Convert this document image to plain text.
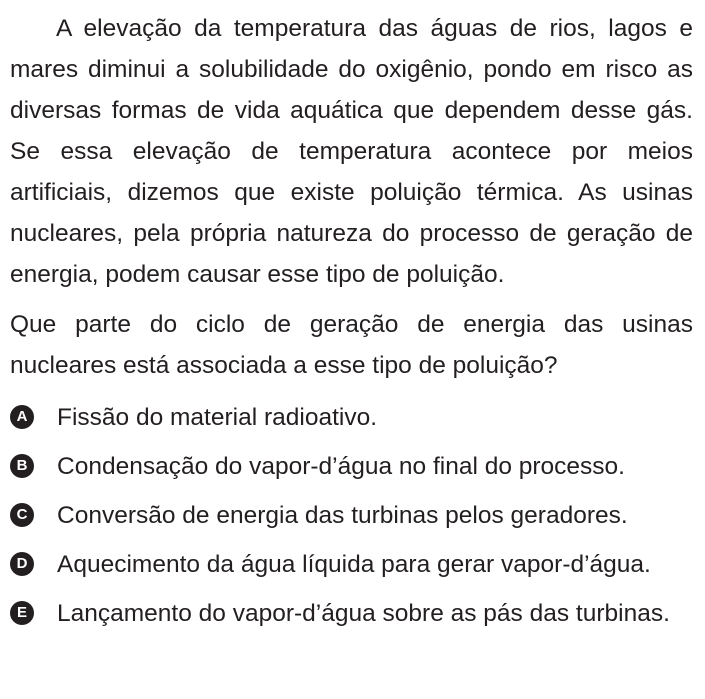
A elevação da temperatura das águas de rios, lagos e mares diminui a solubilidade do oxigênio, pondo em risco as diversas formas de vida aquática que dependem desse gás. Se essa elevação de temperatura acontece por meios artificiais, dizemos que existe poluição térmica. As usinas nucleares, pela própria natureza do processo de geração de energia, podem causar esse tipo de poluição.

Que parte do ciclo de geração de energia das usinas nucleares está associada a esse tipo de poluição?

A Fissão do material radioativo.
B Condensação do vapor-d’água no final do processo.
C Conversão de energia das turbinas pelos geradores.
D Aquecimento da água líquida para gerar vapor-d’água.
E Lançamento do vapor-d’água sobre as pás das turbinas.
